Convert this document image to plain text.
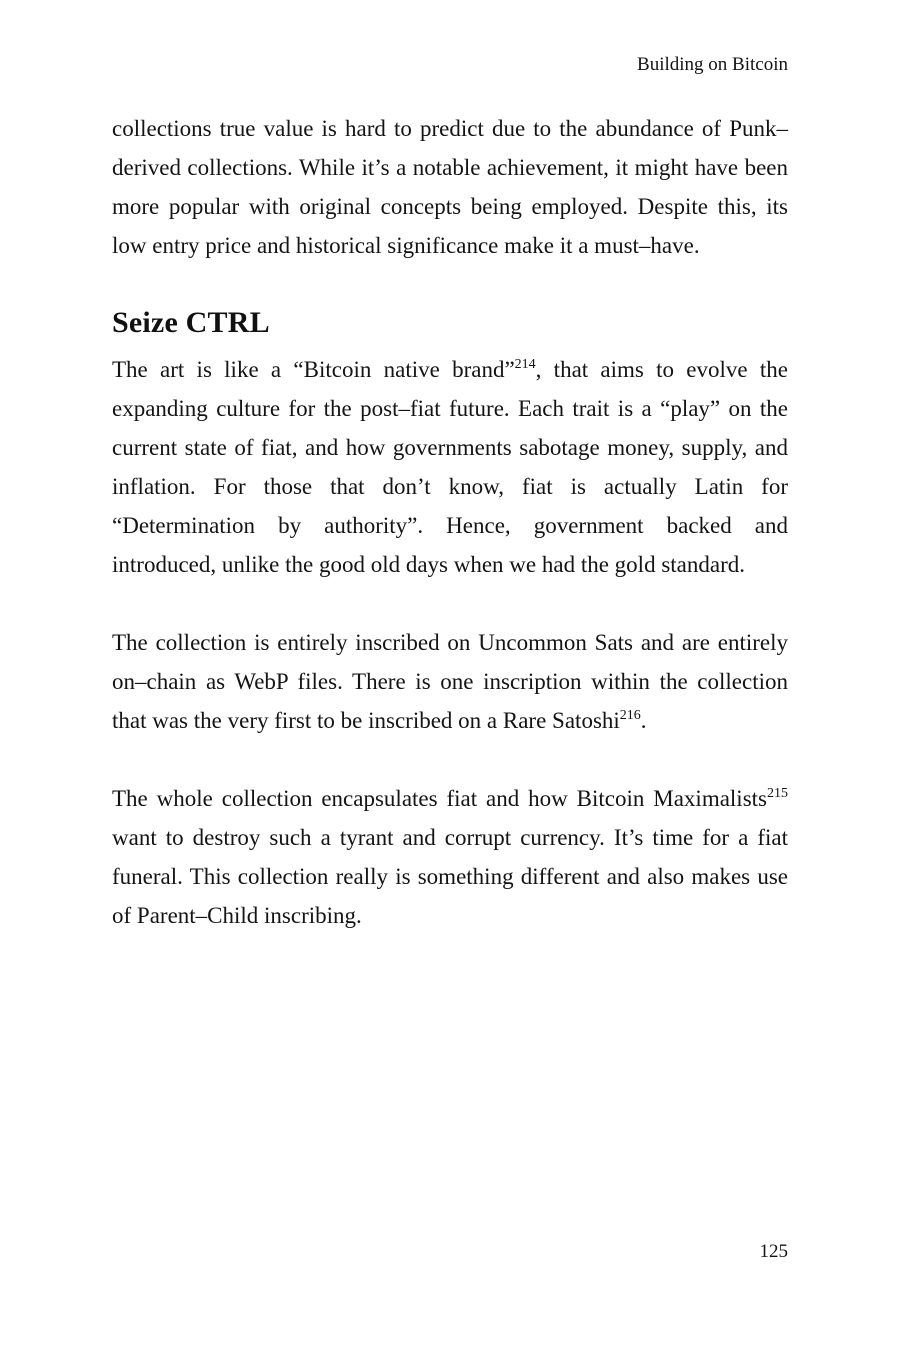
Building on Bitcoin

collections true value is hard to predict due to the abundance of Punk–derived collections. While it’s a notable achievement, it might have been more popular with original concepts being employed. Despite this, its low entry price and historical significance make it a must–have.

Seize CTRL

The art is like a “Bitcoin native brand”$^{214}$, that aims to evolve the expanding culture for the post–fiat future. Each trait is a “play” on the current state of fiat, and how governments sabotage money, supply, and inflation. For those that don’t know, fiat is actually Latin for “Determination by authority”. Hence, government backed and introduced, unlike the good old days when we had the gold standard.

The collection is entirely inscribed on Uncommon Sats and are entirely on–chain as WebP files. There is one inscription within the collection that was the very first to be inscribed on a Rare Satoshi$^{216}$.

The whole collection encapsulates fiat and how Bitcoin Maximalists$^{215}$ want to destroy such a tyrant and corrupt currency. It’s time for a fiat funeral. This collection really is something different and also makes use of Parent–Child inscribing.

125
